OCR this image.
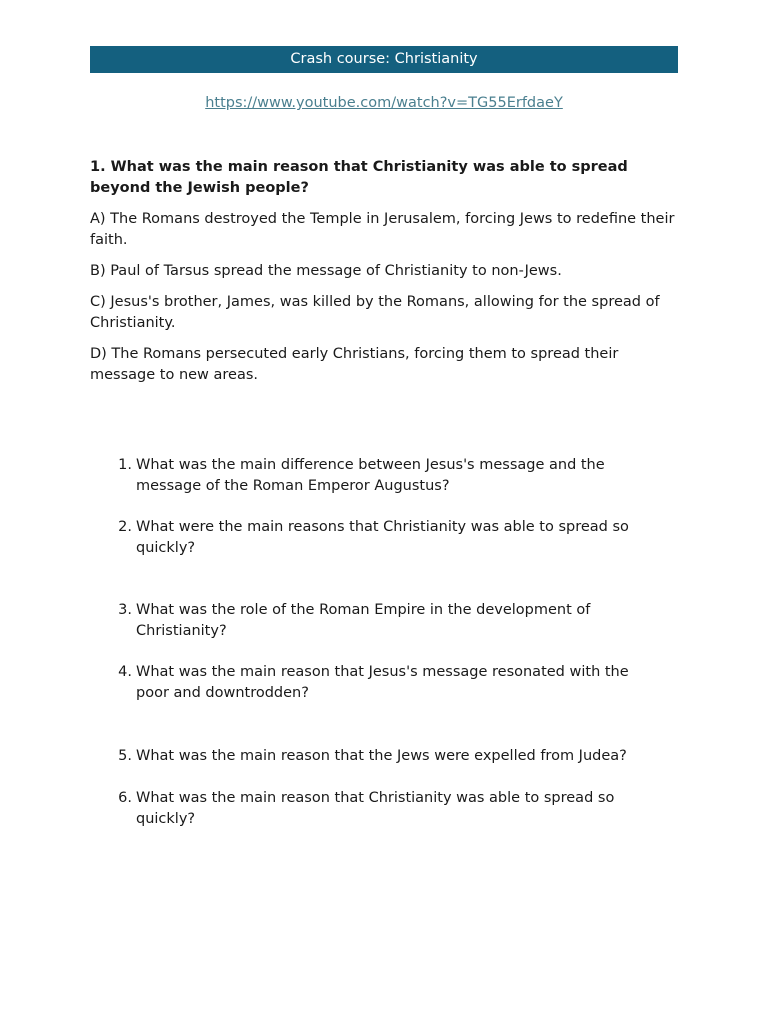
Crash course: Christianity
https://www.youtube.com/watch?v=TG55ErfdaeY
1. What was the main reason that Christianity was able to spread beyond the Jewish people?
A) The Romans destroyed the Temple in Jerusalem, forcing Jews to redefine their faith.
B) Paul of Tarsus spread the message of Christianity to non-Jews.
C) Jesus's brother, James, was killed by the Romans, allowing for the spread of Christianity.
D) The Romans persecuted early Christians, forcing them to spread their message to new areas.
1. What was the main difference between Jesus's message and the message of the Roman Emperor Augustus?
2. What were the main reasons that Christianity was able to spread so quickly?
3. What was the role of the Roman Empire in the development of Christianity?
4. What was the main reason that Jesus's message resonated with the poor and downtrodden?
5. What was the main reason that the Jews were expelled from Judea?
6. What was the main reason that Christianity was able to spread so quickly?
